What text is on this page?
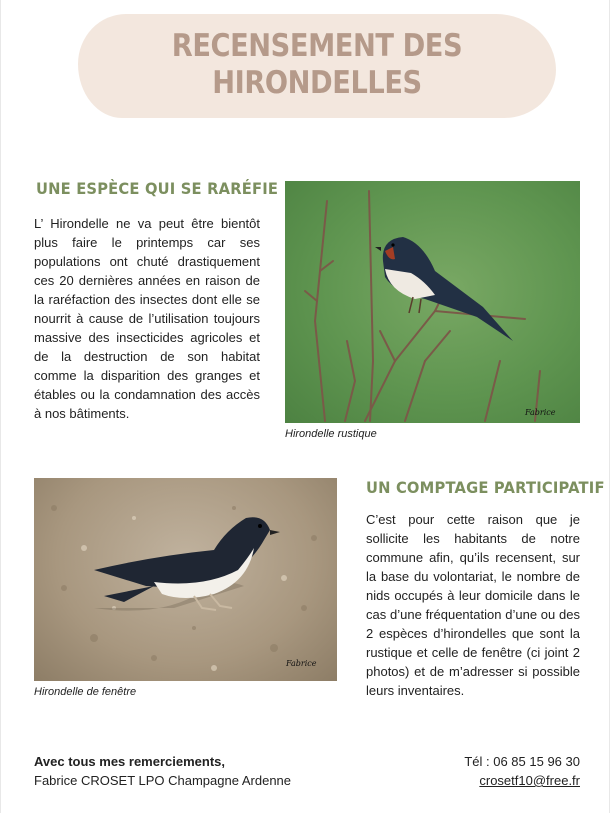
RECENSEMENT DES
HIRONDELLES
UNE ESPÈCE QUI SE RARÉFIE

L’ Hirondelle ne va peut être bientôt plus faire le printemps car ses populations ont chuté drastiquement ces 20 dernières années en raison de la raréfaction des insectes dont elle se nourrit à cause de l’utilisation toujours massive des insecticides agricoles et de la destruction de son habitat comme la disparition des granges et étables ou la condamnation des accès à nos bâtiments.	Fabrice
Hirondelle rustique
Fabrice
Hirondelle de fenêtre
UN COMPTAGE PARTICIPATIF

C’est pour cette raison que je sollicite les habitants de notre commune afin, qu’ils recensent, sur la base du volontariat, le nombre de nids occupés à leur domicile dans le cas d’une fréquentation d’une ou des 2 espèces d’hirondelles que sont la rustique et celle de fenêtre (ci joint 2 photos) et de m’adresser si possible leurs inventaires.

Avec tous mes remerciements,
Fabrice CROSET LPO Champagne Ardenne
Tél : 06 85 15 96 30
crosetf10@free.fr
